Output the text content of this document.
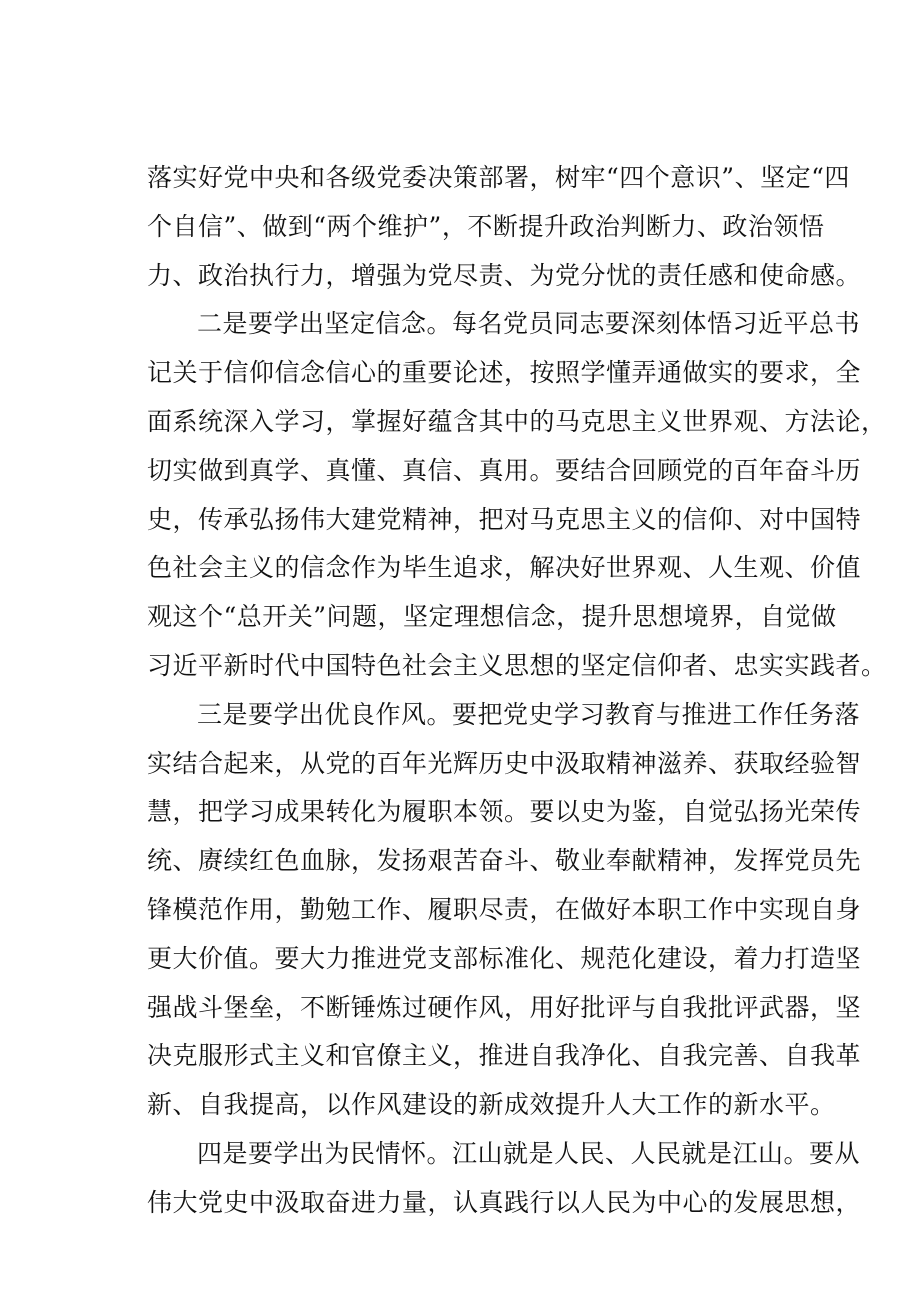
落实好党中央和各级党委决策部署，树牢“四个意识”、坚定“四
个自信”、做到“两个维护”，不断提升政治判断力、政治领悟
力、政治执行力，增强为党尽责、为党分忧的责任感和使命感。
二是要学出坚定信念。每名党员同志要深刻体悟习近平总书
记关于信仰信念信心的重要论述，按照学懂弄通做实的要求，全
面系统深入学习，掌握好蕴含其中的马克思主义世界观、方法论，
切实做到真学、真懂、真信、真用。要结合回顾党的百年奋斗历
史，传承弘扬伟大建党精神，把对马克思主义的信仰、对中国特
色社会主义的信念作为毕生追求，解决好世界观、人生观、价值
观这个“总开关”问题，坚定理想信念，提升思想境界，自觉做
习近平新时代中国特色社会主义思想的坚定信仰者、忠实实践者。
三是要学出优良作风。要把党史学习教育与推进工作任务落
实结合起来，从党的百年光辉历史中汲取精神滋养、获取经验智
慧，把学习成果转化为履职本领。要以史为鉴，自觉弘扬光荣传
统、赓续红色血脉，发扬艰苦奋斗、敬业奉献精神，发挥党员先
锋模范作用，勤勉工作、履职尽责，在做好本职工作中实现自身
更大价值。要大力推进党支部标准化、规范化建设，着力打造坚
强战斗堡垒，不断锤炼过硬作风，用好批评与自我批评武器，坚
决克服形式主义和官僚主义，推进自我净化、自我完善、自我革
新、自我提高，以作风建设的新成效提升人大工作的新水平。
四是要学出为民情怀。江山就是人民、人民就是江山。要从
伟大党史中汲取奋进力量，认真践行以人民为中心的发展思想，
